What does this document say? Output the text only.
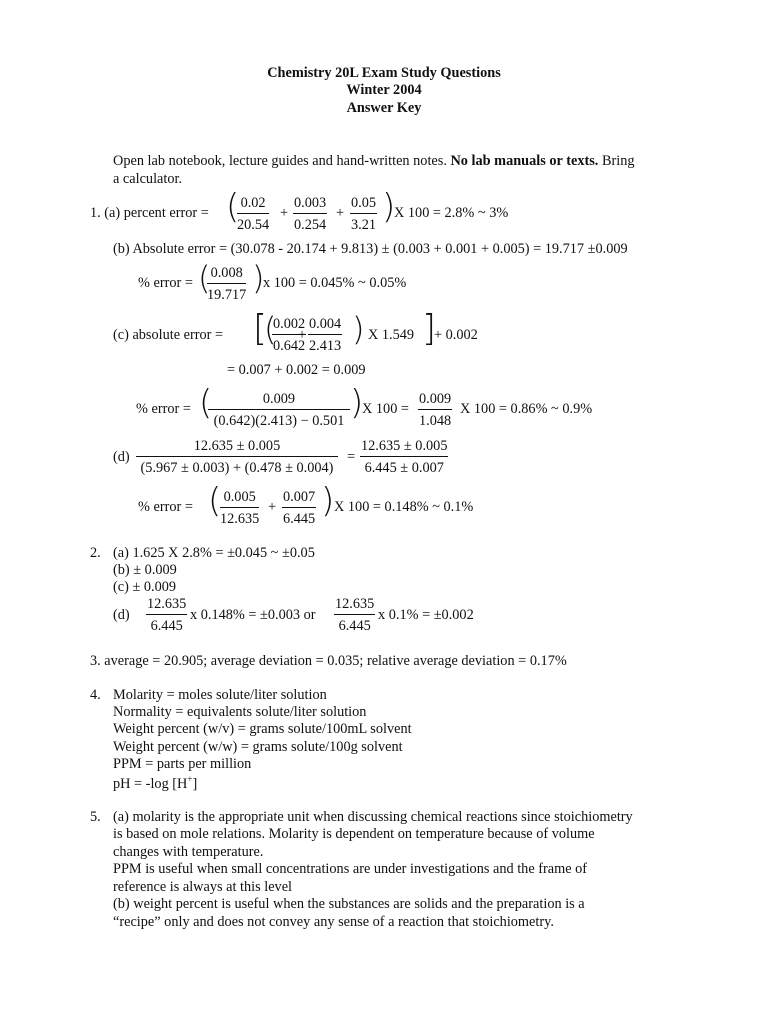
Chemistry 20L Exam Study Questions
Winter 2004
Answer Key
Open lab notebook, lecture guides and hand-written notes. No lab manuals or texts. Bring
a calculator.
1. (a) percent error = ( 0.02
20.54
+
0.003
0.254
+
0.05
3.21 )
X 100 = 2.8% ~ 3%
(b) Absolute error = (30.078 - 20.174 + 9.813) ± (0.003 + 0.001 + 0.005) = 19.717 ±0.009
% error = ( 0.008
19.717 )
x 100 = 0.045% ~ 0.05%
(c) absolute error = [
(
0.002
0.642
+
0.004
2.413 ) X 1.549 ]
+ 0.002
= 0.007 + 0.002 = 0.009
% error = (	0.009
(0.642)(2.413) − 0.501 )
X 100 =
0.009
1.048
X 100 = 0.86% ~ 0.9%
(d)
12.635 ± 0.005
(5.967 ± 0.003) + (0.478 ± 0.004)
=
12.635 ± 0.005
6.445 ± 0.007
% error = ( 0.005
12.635
+
0.007
6.445 ) X 100 = 0.148% ~ 0.1%
2. (a) 1.625 X 2.8% = ±0.045 ~ ±0.05
(b) ± 0.009
(c) ± 0.009
(d)
12.635
6.445
x 0.148% = ±0.003 or
12.635
6.445
x 0.1% = ±0.002
3. average = 20.905; average deviation = 0.035; relative average deviation = 0.17%
4. Molarity = moles solute/liter solution
Normality = equivalents solute/liter solution
Weight percent (w/v) = grams solute/100mL solvent
Weight percent (w/w) = grams solute/100g solvent
PPM = parts per million
pH = -log [H+]
5. (a) molarity is the appropriate unit when discussing chemical reactions since stoichiometry
is based on mole relations. Molarity is dependent on temperature because of volume
changes with temperature.
PPM is useful when small concentrations are under investigations and the frame of
reference is always at this level
(b) weight percent is useful when the substances are solids and the preparation is a
“recipe” only and does not convey any sense of a reaction that stoichiometry.
